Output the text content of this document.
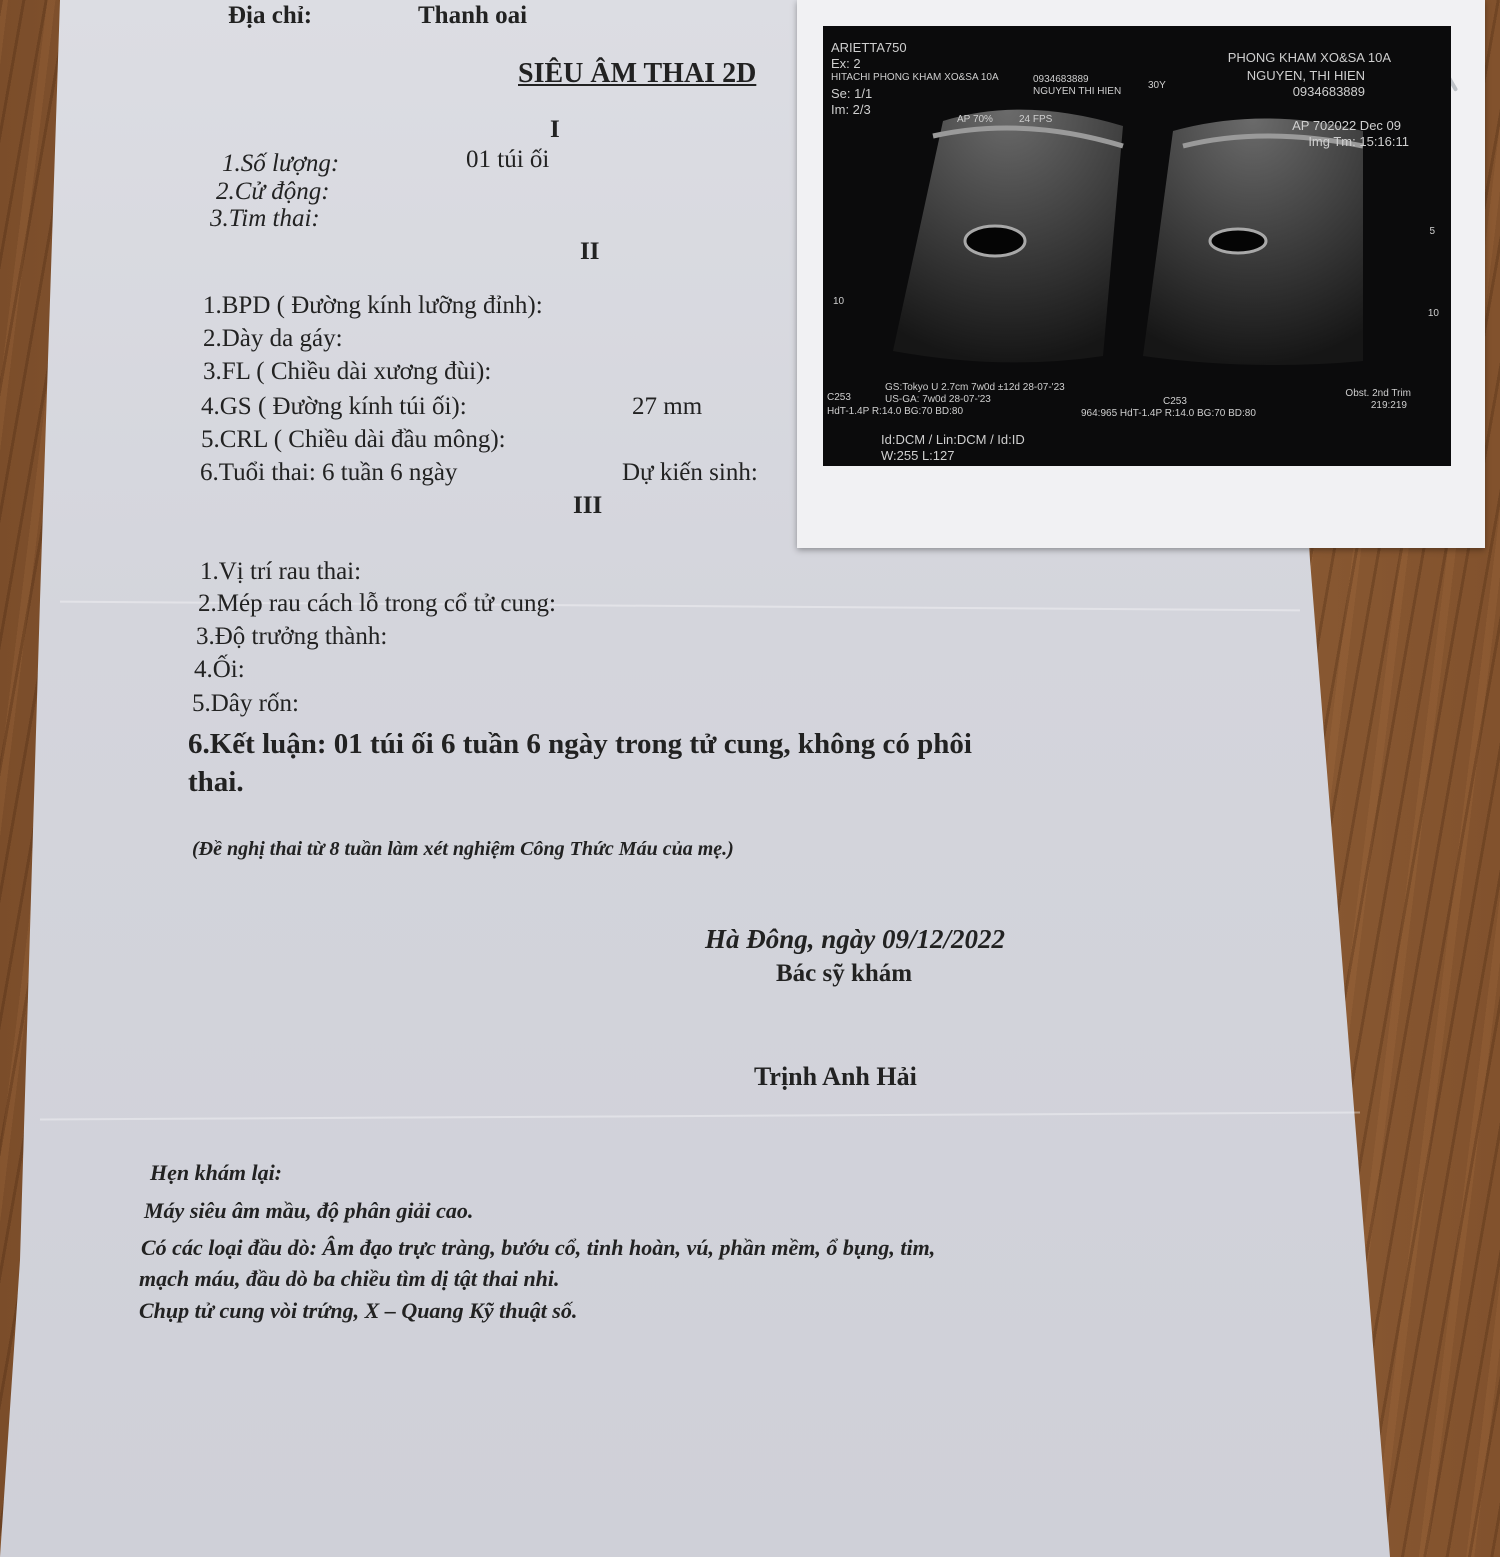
Địa chỉ:	Thanh oai
SIÊU ÂM THAI 2D
I
1.Số lượng:	01 túi ối
2.Cử động:
3.Tim thai:
II
1.BPD ( Đường kính lưỡng đỉnh):
2.Dày da gáy:
3.FL ( Chiều dài xương đùi):
4.GS ( Đường kính túi ối):	27 mm
5.CRL ( Chiều dài đầu mông):
6.Tuổi thai: 6 tuần 6 ngày	Dự kiến sinh:
III
1.Vị trí rau thai:
2.Mép rau cách lỗ trong cổ tử cung:
3.Độ trưởng thành:
4.Ối:
5.Dây rốn:
6.Kết luận: 01 túi ối 6 tuần 6 ngày trong tử cung, không có phôi
thai.
(Đề nghị thai từ 8 tuần làm xét nghiệm Công Thức Máu của mẹ.)
Hà Đông, ngày 09/12/2022
Bác sỹ khám
Trịnh Anh Hải
Hẹn khám lại:
Máy siêu âm mầu, độ phân giải cao.
Có các loại đầu dò: Âm đạo trực tràng, bướu cổ, tinh hoàn, vú, phần mềm, ổ bụng, tim,
mạch máu, đầu dò ba chiều tìm dị tật thai nhi.
Chụp tử cung vòi trứng, X – Quang Kỹ thuật số.
ARIETTA750
Ex: 2
HITACHI PHONG KHAM XO&SA 10A
Se: 1/1
Im: 2/3
0934683889
NGUYEN THI HIEN
30Y
PHONG KHAM XO&SA 10A
NGUYEN, THI HIEN
0934683889
AP 70%	24 FPS	AP 702022 Dec 09
Img Tm: 15:16:11
10
5
10
GS:Tokyo U 2.7cm 7w0d ±12d 28-07-'23
US-GA: 7w0d 28-07-'23
C253
HdT-1.4P R:14.0 BG:70 BD:80
C253
964:965 HdT-1.4P R:14.0 BG:70 BD:80
Obst. 2nd Trim
219:219
Id:DCM / Lin:DCM / Id:ID
W:255 L:127
